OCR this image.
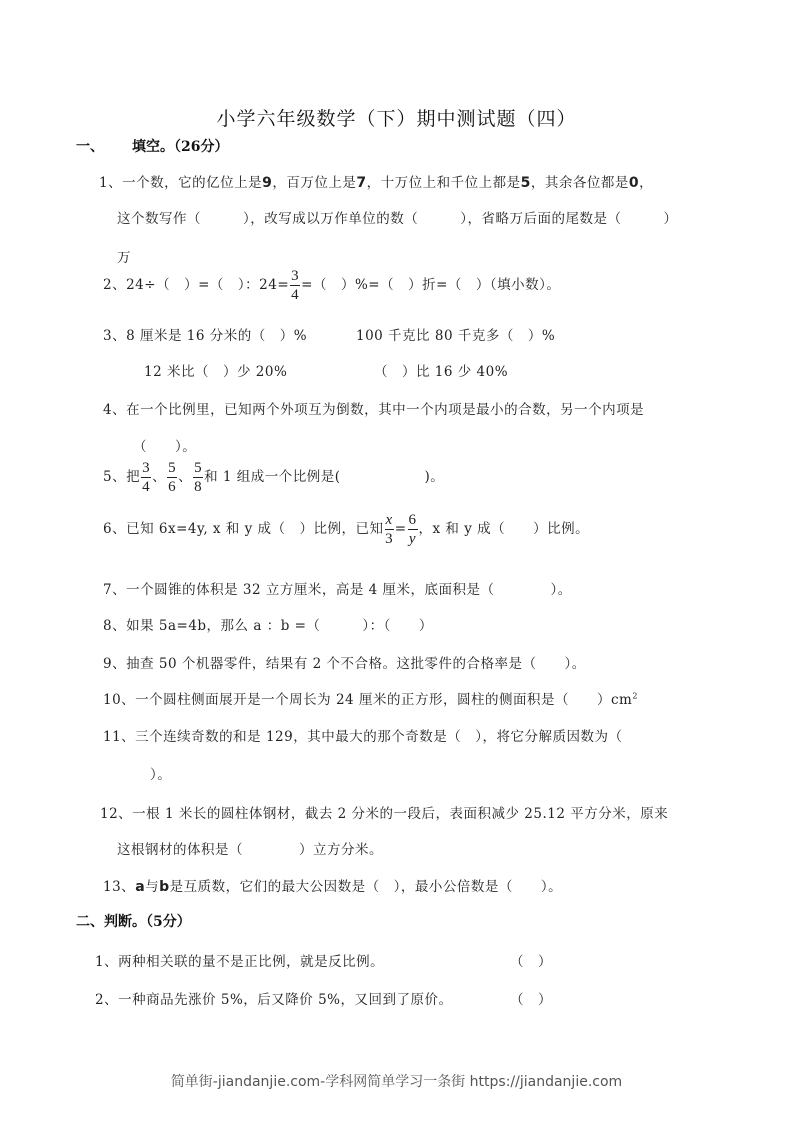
小学六年级数学（下）期中测试题（四）
一、 填空。（26分）
1、一个数，它的亿位上是9，百万位上是7，十万位上和千位上都是5，其余各位都是0，
这个数写作（　　　），改写成以万作单位的数（　　　），省略万后面的尾数是（　　　）
万
2、24÷（　）=（　）：$24= \frac{3}{4}$ =（　）%=（　）折=（　）（填小数）。
3、8 厘米是 16 分米的（　）%	100 千克比 80 千克多（　）%
12 米比（　）少 20%	（　）比 16 少 40%
4、在一个比例里，已知两个外项互为倒数，其中一个内项是最小的合数，另一个内项是
（　　）。
5、把 $\frac{3}{4}$ 、 $\frac{5}{6}$ 、 $\frac{5}{8}$ 和 1 组成一个比例是(　　　　　　)。
6、已知 6x=4y, x 和 y 成（　）比例，已知 $\frac{x}{3} = \frac{6}{y}$ ，x 和 y 成（　　）比例。
7、一个圆锥的体积是 32 立方厘米，高是 4 厘米，底面积是（　　　　）。
8、如果 5a=4b，那么 a ：b =（　　　）：（　　）
9、抽查 50 个机器零件，结果有 2 个不合格。这批零件的合格率是（　　）。
10、一个圆柱侧面展开是一个周长为 24 厘米的正方形，圆柱的侧面积是（　　）$cm^2$
11、三个连续奇数的和是 129，其中最大的那个奇数是（　），将它分解质因数为（
）。
12、一根 1 米长的圆柱体钢材，截去 2 分米的一段后，表面积减少 25.12 平方分米，原来
这根钢材的体积是（　　　　）立方分米。
13、a与b是互质数，它们的最大公因数是（　），最小公倍数是（　　）。
二、判断。（5分）
1、两种相关联的量不是正比例，就是反比例。	（　）
2、一种商品先涨价 5%，后又降价 5%，又回到了原价。	（　）
简单街-jiandanjie.com-学科网简单学习一条街 https://jiandanjie.com
